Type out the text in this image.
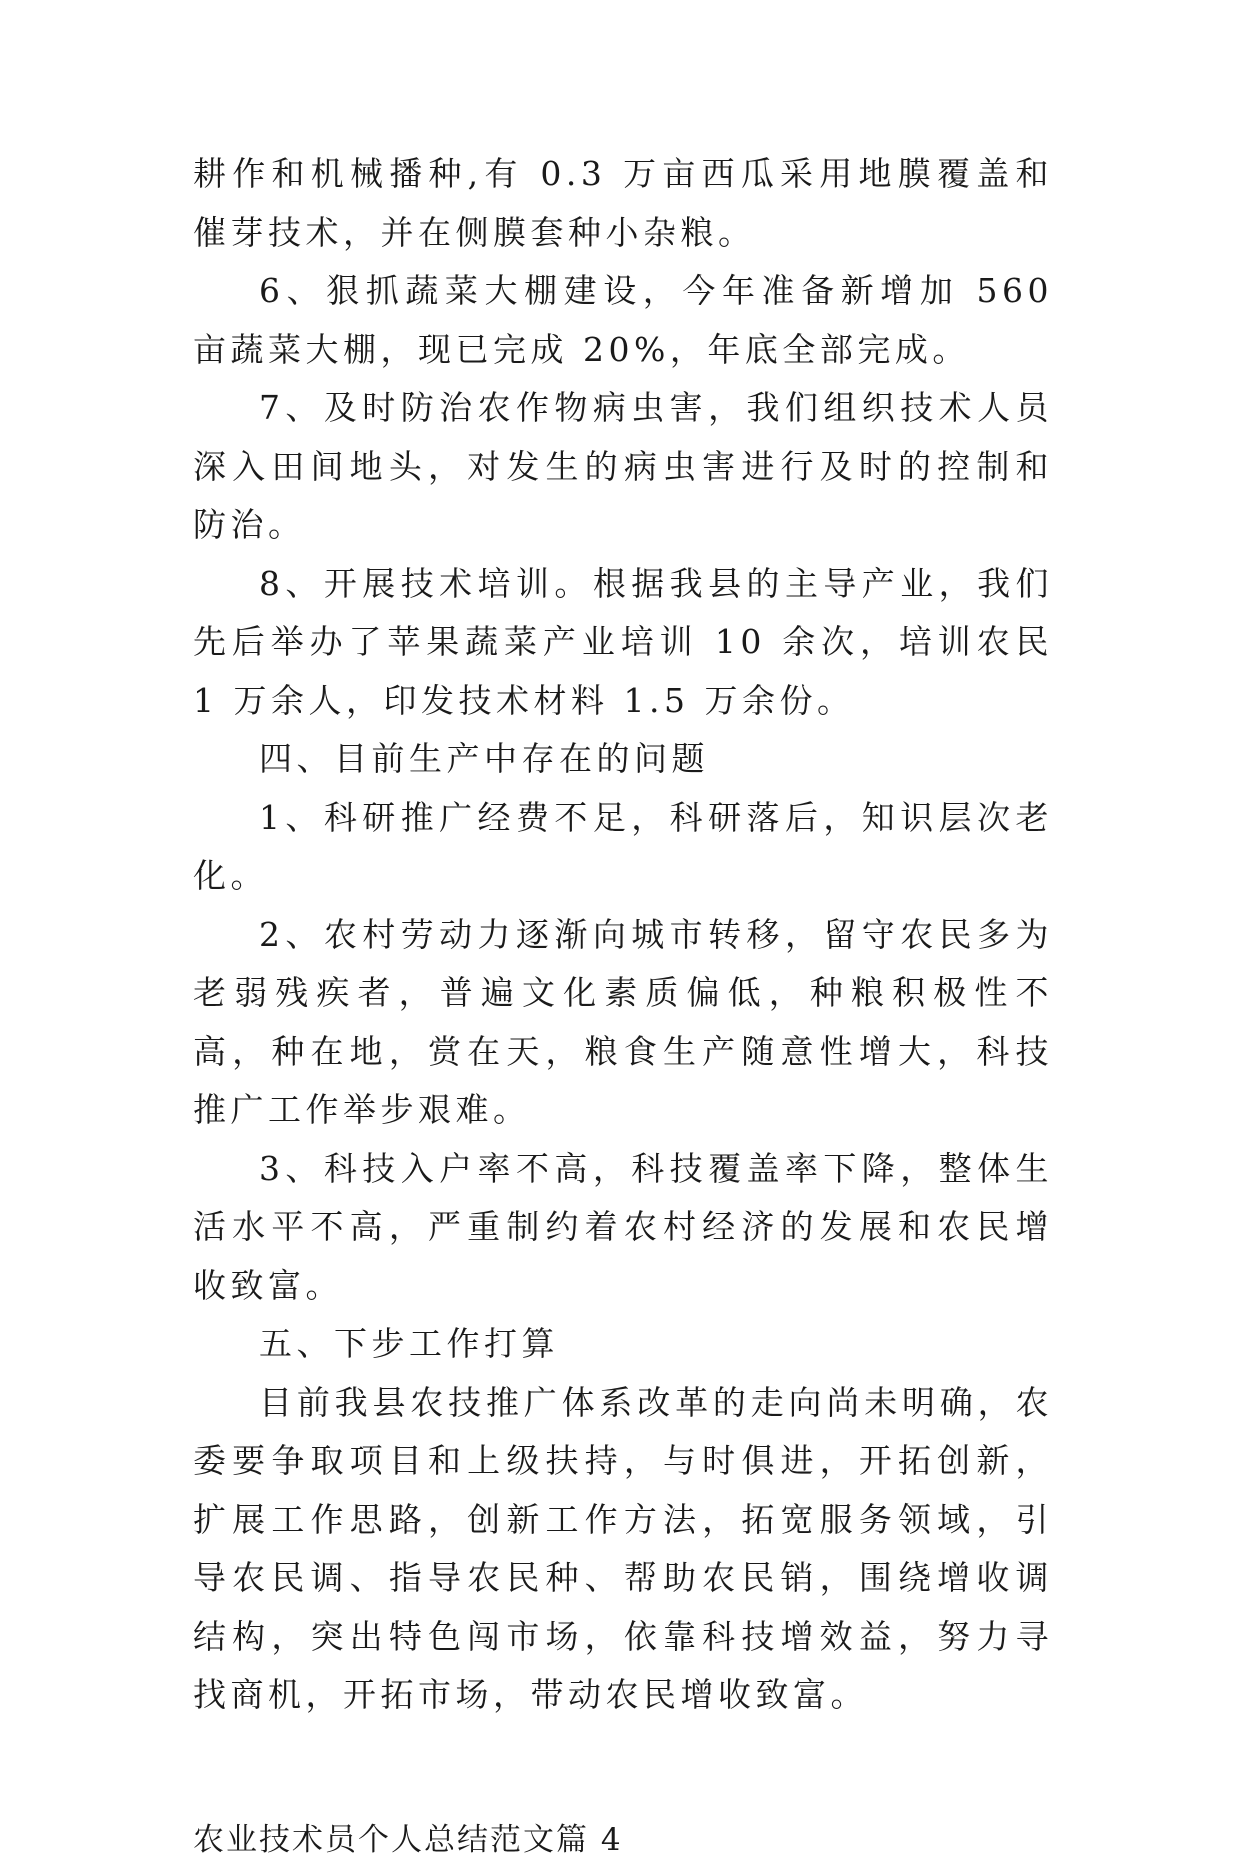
耕作和机械播种,有 0.3 万亩西瓜采用地膜覆盖和催芽技术，并在侧膜套种小杂粮。

6、狠抓蔬菜大棚建设，今年准备新增加 560 亩蔬菜大棚，现已完成 20%，年底全部完成。

7、及时防治农作物病虫害，我们组织技术人员深入田间地头，对发生的病虫害进行及时的控制和防治。

8、开展技术培训。根据我县的主导产业，我们先后举办了苹果蔬菜产业培训 10 余次，培训农民 1 万余人，印发技术材料 1.5 万余份。

四、目前生产中存在的问题

1、科研推广经费不足，科研落后，知识层次老化。

2、农村劳动力逐渐向城市转移，留守农民多为老弱残疾者，普遍文化素质偏低，种粮积极性不高，种在地，赏在天，粮食生产随意性增大，科技推广工作举步艰难。

3、科技入户率不高，科技覆盖率下降，整体生活水平不高，严重制约着农村经济的发展和农民增收致富。

五、下步工作打算

目前我县农技推广体系改革的走向尚未明确，农委要争取项目和上级扶持，与时俱进，开拓创新，扩展工作思路，创新工作方法，拓宽服务领域，引导农民调、指导农民种、帮助农民销，围绕增收调结构，突出特色闯市场，依靠科技增效益，努力寻找商机，开拓市场，带动农民增收致富。

农业技术员个人总结范文篇 4
